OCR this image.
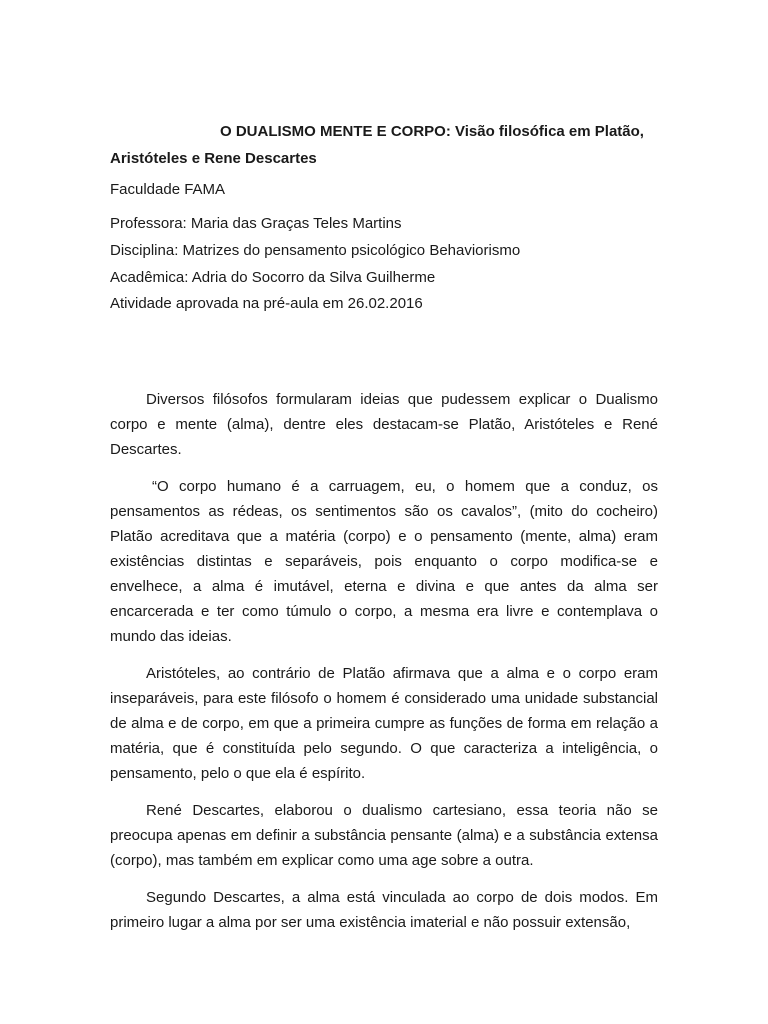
O DUALISMO MENTE E CORPO: Visão filosófica em Platão,
Aristóteles e Rene Descartes
Faculdade FAMA
Professora: Maria das Graças Teles Martins
Disciplina: Matrizes do pensamento psicológico Behaviorismo
Acadêmica: Adria do Socorro da Silva Guilherme
Atividade aprovada na pré-aula em 26.02.2016

Diversos filósofos formularam ideias que pudessem explicar o Dualismo corpo e mente (alma), dentre eles destacam-se Platão, Aristóteles e René Descartes.

“O corpo humano é a carruagem, eu, o homem que a conduz, os pensamentos as rédeas, os sentimentos são os cavalos”, (mito do cocheiro) Platão acreditava que a matéria (corpo) e o pensamento (mente, alma) eram existências distintas e separáveis, pois enquanto o corpo modifica-se e envelhece, a alma é imutável, eterna e divina e que antes da alma ser encarcerada e ter como túmulo o corpo, a mesma era livre e contemplava o mundo das ideias.

Aristóteles, ao contrário de Platão afirmava que a alma e o corpo eram inseparáveis, para este filósofo o homem é considerado uma unidade substancial de alma e de corpo, em que a primeira cumpre as funções de forma em relação a matéria, que é constituída pelo segundo. O que caracteriza a inteligência, o pensamento, pelo o que ela é espírito.

René Descartes, elaborou o dualismo cartesiano, essa teoria não se preocupa apenas em definir a substância pensante (alma) e a substância extensa (corpo), mas também em explicar como uma age sobre a outra.

Segundo Descartes, a alma está vinculada ao corpo de dois modos. Em primeiro lugar a alma por ser uma existência imaterial e não possuir extensão,
